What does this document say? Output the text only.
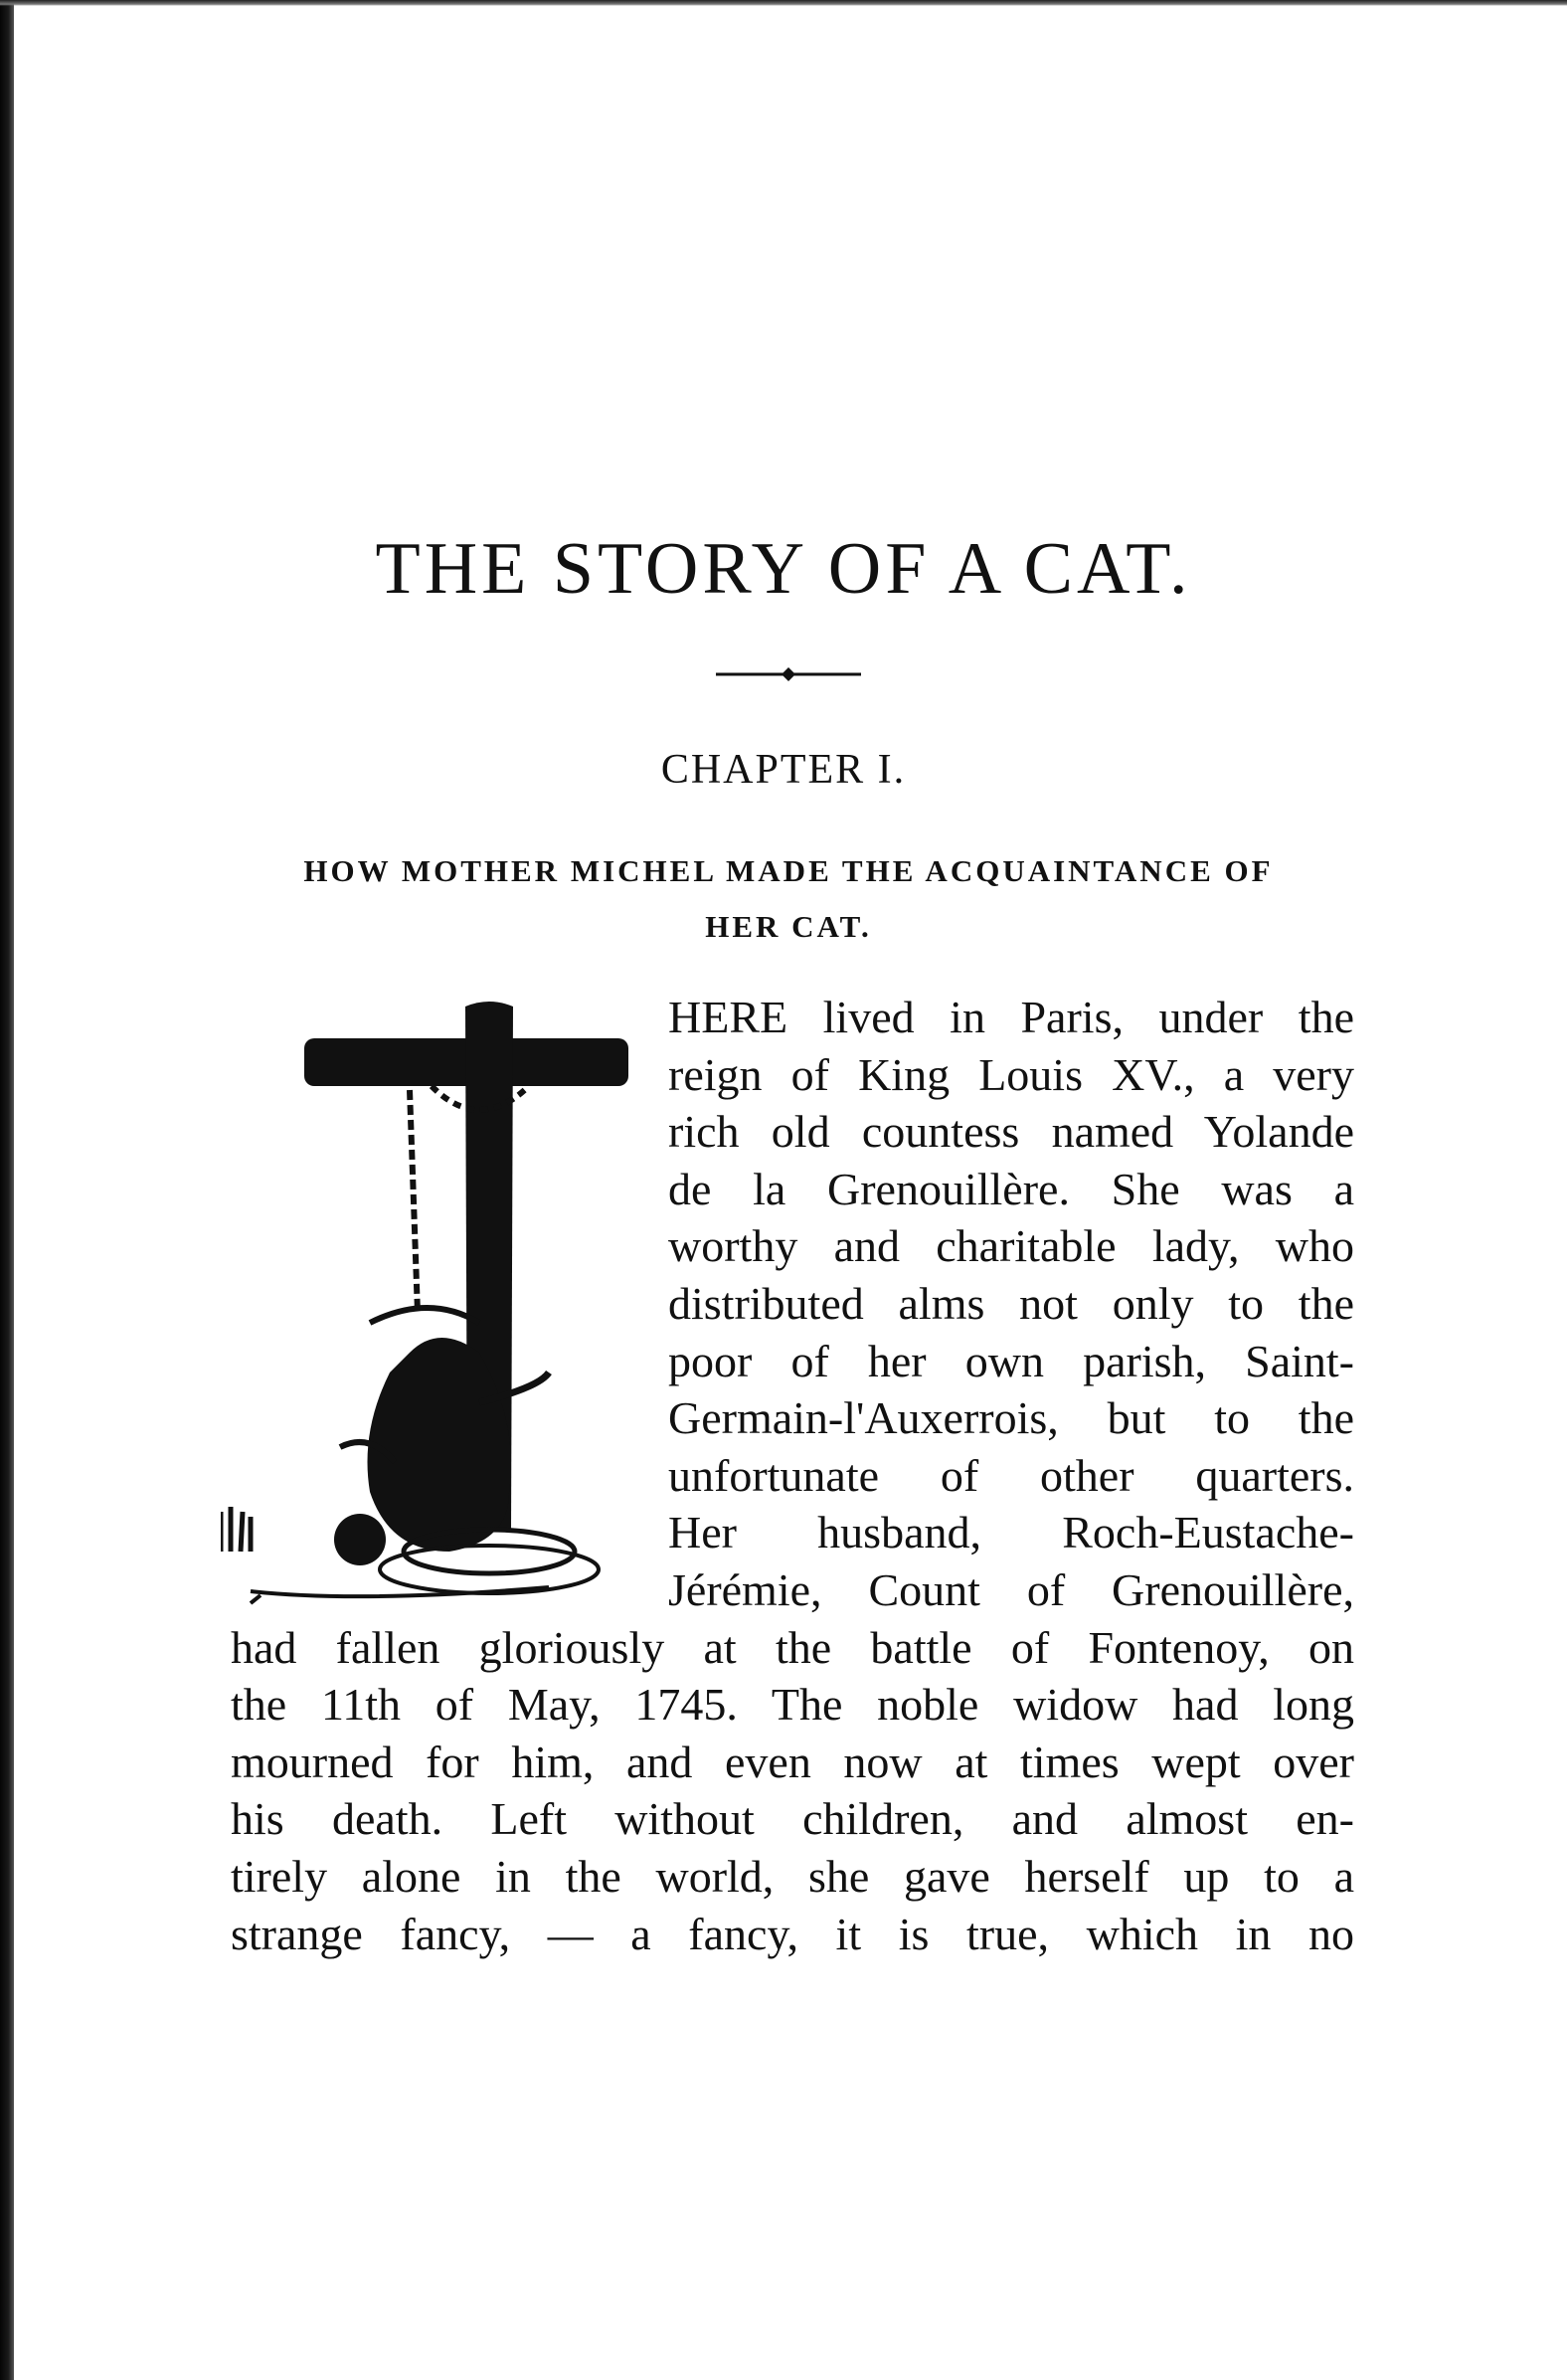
THE STORY OF A CAT.
CHAPTER I.
HOW MOTHER MICHEL MADE THE ACQUAINTANCE OF
HER CAT.
HERE lived in Paris, under the
reign of King Louis XV., a very
rich old countess named Yolande
de la Grenouillère. She was a
worthy and charitable lady, who
distributed alms not only to the
poor of her own parish, Saint-
Germain-l'Auxerrois, but to the
unfortunate of other quarters.
Her husband, Roch-Eustache-
Jérémie, Count of Grenouillère,
had fallen gloriously at the battle of Fontenoy, on
the 11th of May, 1745. The noble widow had long
mourned for him, and even now at times wept over
his death. Left without children, and almost en-
tirely alone in the world, she gave herself up to a
strange fancy, — a fancy, it is true, which in no
